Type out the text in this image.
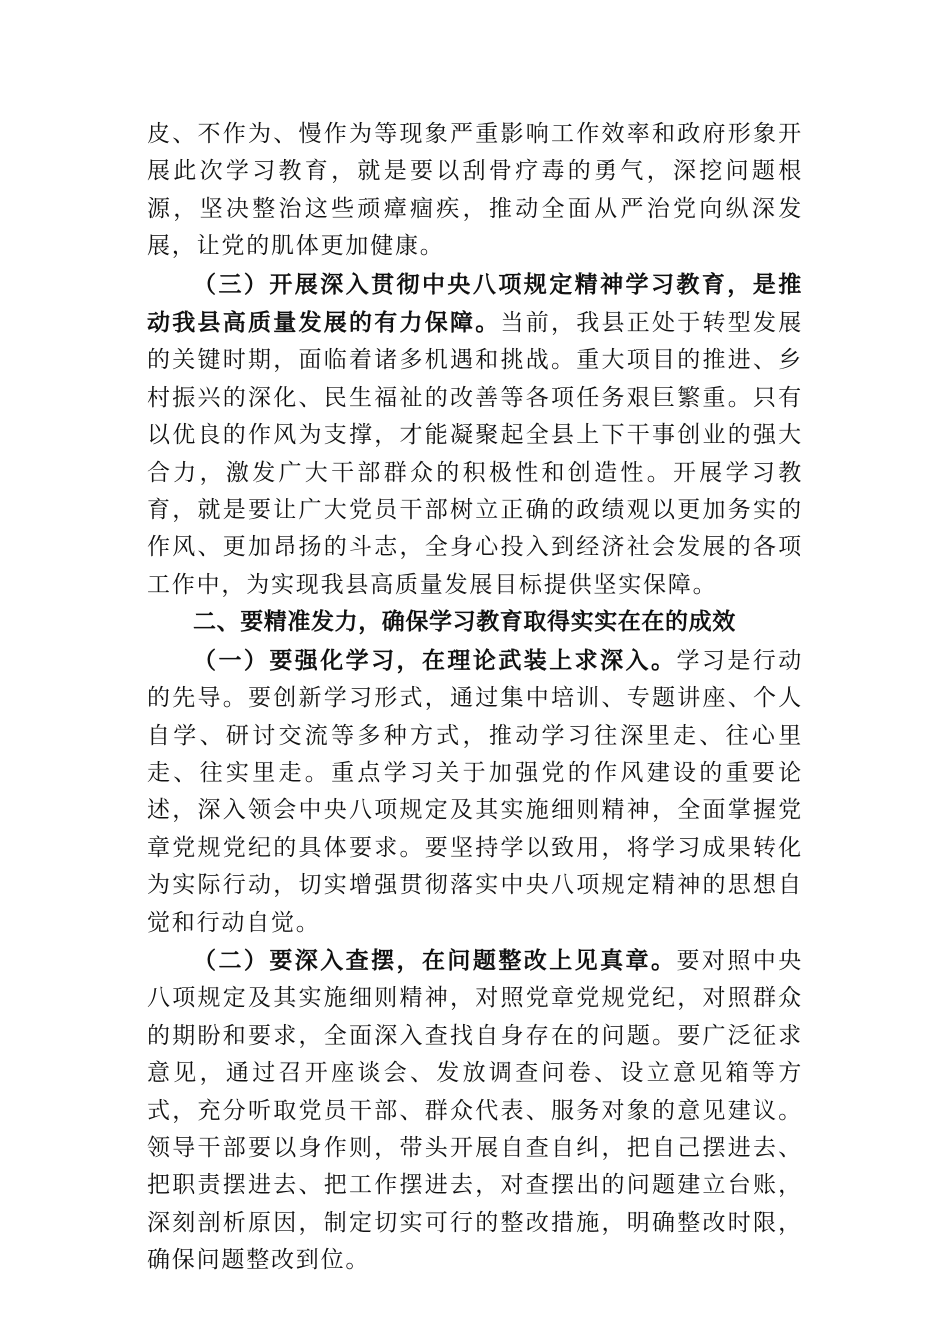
皮、不作为、慢作为等现象严重影响工作效率和政府形象开展此次学习教育，就是要以刮骨疗毒的勇气，深挖问题根源，坚决整治这些顽瘴痼疾，推动全面从严治党向纵深发展，让党的肌体更加健康。

（三）开展深入贯彻中央八项规定精神学习教育，是推动我县高质量发展的有力保障。当前，我县正处于转型发展的关键时期，面临着诸多机遇和挑战。重大项目的推进、乡村振兴的深化、民生福祉的改善等各项任务艰巨繁重。只有以优良的作风为支撑，才能凝聚起全县上下干事创业的强大合力，激发广大干部群众的积极性和创造性。开展学习教育，就是要让广大党员干部树立正确的政绩观以更加务实的作风、更加昂扬的斗志，全身心投入到经济社会发展的各项工作中，为实现我县高质量发展目标提供坚实保障。

二、要精准发力，确保学习教育取得实实在在的成效

（一）要强化学习，在理论武装上求深入。学习是行动的先导。要创新学习形式，通过集中培训、专题讲座、个人自学、研讨交流等多种方式，推动学习往深里走、往心里走、往实里走。重点学习关于加强党的作风建设的重要论述，深入领会中央八项规定及其实施细则精神，全面掌握党章党规党纪的具体要求。要坚持学以致用，将学习成果转化为实际行动，切实增强贯彻落实中央八项规定精神的思想自觉和行动自觉。

（二）要深入查摆，在问题整改上见真章。要对照中央八项规定及其实施细则精神，对照党章党规党纪，对照群众的期盼和要求，全面深入查找自身存在的问题。要广泛征求意见，通过召开座谈会、发放调查问卷、设立意见箱等方式，充分听取党员干部、群众代表、服务对象的意见建议。领导干部要以身作则，带头开展自查自纠，把自己摆进去、把职责摆进去、把工作摆进去，对查摆出的问题建立台账，深刻剖析原因，制定切实可行的整改措施，明确整改时限，确保问题整改到位。
